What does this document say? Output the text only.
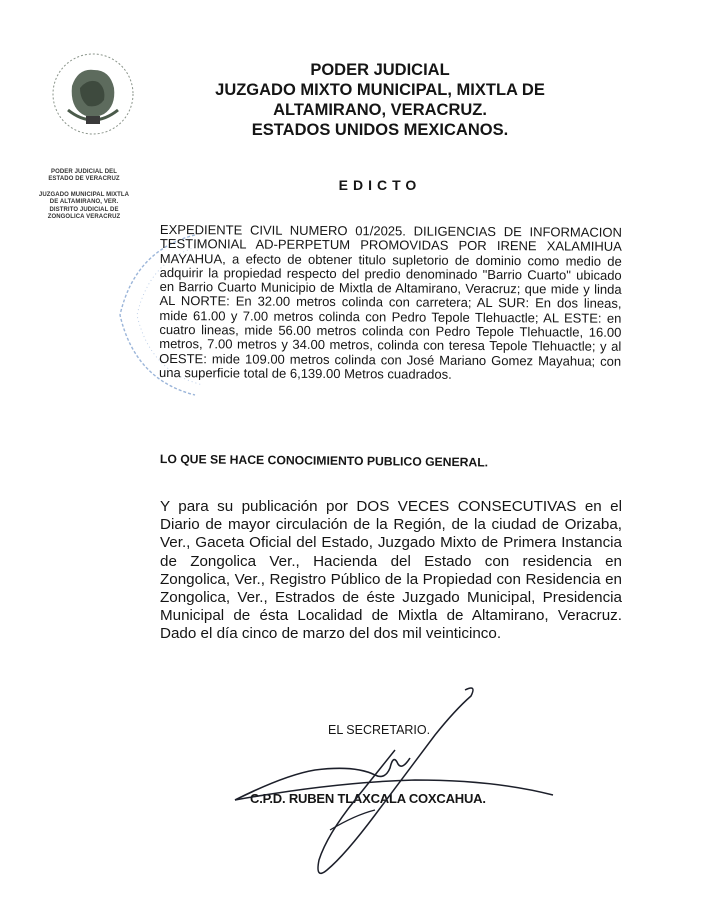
PODER JUDICIAL DEL
ESTADO DE VERACRUZ
JUZGADO MUNICIPAL MIXTLA
DE ALTAMIRANO, VER.
DISTRITO JUDICIAL DE
ZONGOLICA VERACRUZ
PODER JUDICIAL
JUZGADO MIXTO MUNICIPAL, MIXTLA DE
ALTAMIRANO, VERACRUZ.
ESTADOS UNIDOS MEXICANOS.
EDICTO
EXPEDIENTE CIVIL NUMERO 01/2025. DILIGENCIAS DE INFORMACION TESTIMONIAL AD-PERPETUM PROMOVIDAS POR IRENE XALAMIHUA MAYAHUA, a efecto de obtener titulo supletorio de dominio como medio de adquirir la propiedad respecto del predio denominado "Barrio Cuarto" ubicado en Barrio Cuarto Municipio de Mixtla de Altamirano, Veracruz; que mide y linda AL NORTE: En 32.00 metros colinda con carretera; AL SUR: En dos lineas, mide 61.00 y 7.00 metros colinda con Pedro Tepole Tlehuactle; AL ESTE: en cuatro lineas, mide 56.00 metros colinda con Pedro Tepole Tlehuactle, 16.00 metros, 7.00 metros y 34.00 metros, colinda con teresa Tepole Tlehuactle; y al OESTE: mide 109.00 metros colinda con José Mariano Gomez Mayahua; con una superficie total de 6,139.00 Metros cuadrados.
LO QUE SE HACE CONOCIMIENTO PUBLICO GENERAL.
Y para su publicación por DOS VECES CONSECUTIVAS en el Diario de mayor circulación de la Región, de la ciudad de Orizaba, Ver., Gaceta Oficial del Estado, Juzgado Mixto de Primera Instancia de Zongolica Ver., Hacienda del Estado con residencia en Zongolica, Ver., Registro Público de la Propiedad con Residencia en Zongolica, Ver., Estrados de éste Juzgado Municipal, Presidencia Municipal de ésta Localidad de Mixtla de Altamirano, Veracruz. Dado el día cinco de marzo del dos mil veinticinco.
EL SECRETARIO.
C.P.D. RUBEN TLAXCALA COXCAHUA.
